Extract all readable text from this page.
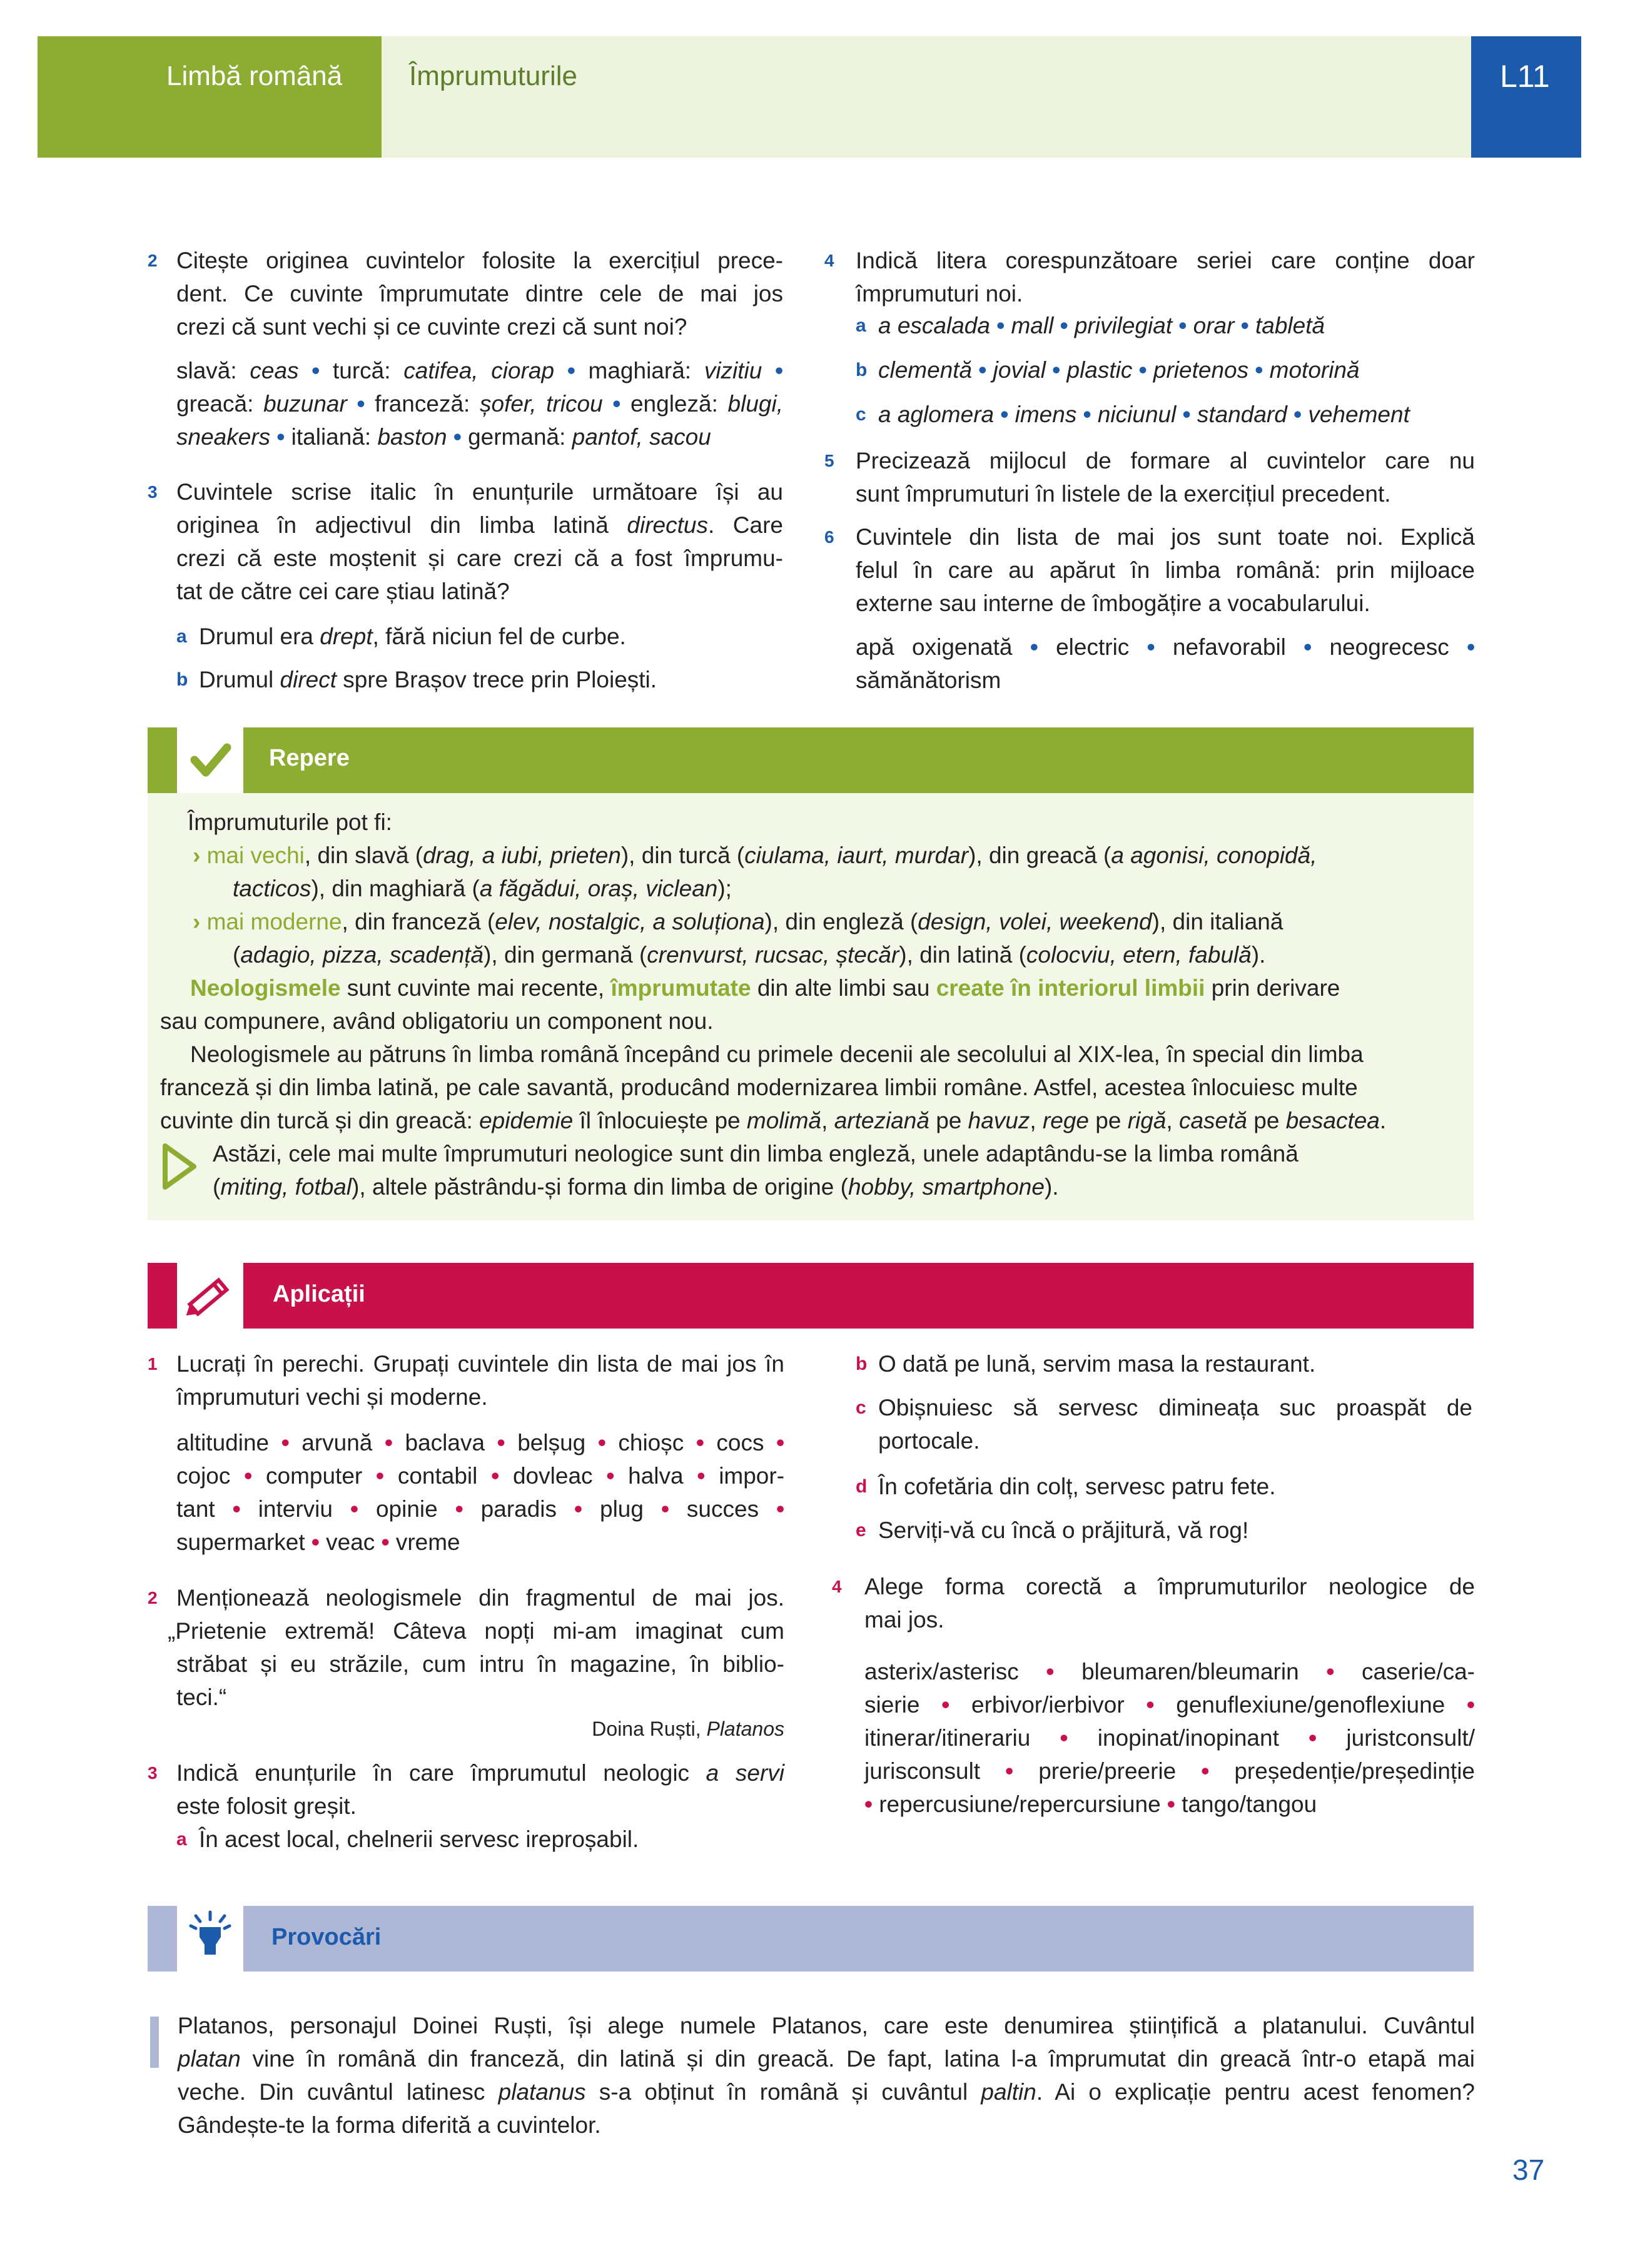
Limbă română Împrumuturile	L11
2 Citește originea cuvintelor folosite la exercițiul prece-
dent. Ce cuvinte împrumutate dintre cele de mai jos
crezi că sunt vechi și ce cuvinte crezi că sunt noi?
slavă: ceas • turcă: catifea, ciorap • maghiară: vizitiu •
greacă: buzunar • franceză: șofer, tricou • engleză: blugi,
sneakers • italiană: baston • germană: pantof, sacou
3 Cuvintele scrise italic în enunțurile următoare își au
originea în adjectivul din limba latină directus. Care
crezi că este moștenit și care crezi că a fost împrumu-
tat de către cei care știau latină?
a Drumul era drept, fără niciun fel de curbe.
b Drumul direct spre Brașov trece prin Ploiești.
4 Indică litera corespunzătoare seriei care conține doar
împrumuturi noi.
a a escalada • mall • privilegiat • orar • tabletă
b clementă • jovial • plastic • prietenos • motorină
c a aglomera • imens • niciunul • standard • vehement
5 Precizează mijlocul de formare al cuvintelor care nu
sunt împrumuturi în listele de la exercițiul precedent.
6 Cuvintele din lista de mai jos sunt toate noi. Explică
felul în care au apărut în limba română: prin mijloace
externe sau interne de îmbogățire a vocabularului.
apă oxigenată • electric • nefavorabil • neogrecesc •
sămănătorism
Repere
Împrumuturile pot fi:
› mai vechi, din slavă (drag, a iubi, prieten), din turcă (ciulama, iaurt, murdar), din greacă (a agonisi, conopidă,
tacticos), din maghiară (a făgădui, oraș, viclean);
› mai moderne, din franceză (elev, nostalgic, a soluționa), din engleză (design, volei, weekend), din italiană
(adagio, pizza, scadență), din germană (crenvurst, rucsac, ștecăr), din latină (colocviu, etern, fabulă).
Neologismele sunt cuvinte mai recente, împrumutate din alte limbi sau create în interiorul limbii prin derivare
sau compunere, având obligatoriu un component nou.
Neologismele au pătruns în limba română începând cu primele decenii ale secolului al XIX-lea, în special din limba
franceză și din limba latină, pe cale savantă, producând modernizarea limbii române. Astfel, acestea înlocuiesc multe
cuvinte din turcă și din greacă: epidemie îl înlocuiește pe molimă, arteziană pe havuz, rege pe rigă, casetă pe besactea.
Astăzi, cele mai multe împrumuturi neologice sunt din limba engleză, unele adaptându-se la limba română
(miting, fotbal), altele păstrându-și forma din limba de origine (hobby, smartphone).
Aplicații
1 Lucrați în perechi. Grupați cuvintele din lista de mai jos în
împrumuturi vechi și moderne.
altitudine • arvună • baclava • belșug • chioșc • cocs •
cojoc • computer • contabil • dovleac • halva • impor-
tant • interviu • opinie • paradis • plug • succes •
supermarket • veac • vreme
2 Menționează neologismele din fragmentul de mai jos.
„Prietenie extremă! Câteva nopți mi-am imaginat cum
străbat și eu străzile, cum intru în magazine, în biblio-
teci.“
Doina Ruști, Platanos
3 Indică enunțurile în care împrumutul neologic a servi
este folosit greșit.
a În acest local, chelnerii servesc ireproșabil.
b O dată pe lună, servim masa la restaurant.
c Obișnuiesc să servesc dimineața suc proaspăt de
portocale.
d În cofetăria din colț, servesc patru fete.
e Serviți-vă cu încă o prăjitură, vă rog!
4 Alege forma corectă a împrumuturilor neologice de
mai jos.
asterix/asterisc • bleumaren/bleumarin • caserie/ca-
sierie • erbivor/ierbivor • genuflexiune/genoflexiune •
itinerar/itinerariu • inopinat/inopinant • juristconsult/
jurisconsult • prerie/preerie • președenție/președinție
• repercusiune/repercursiune • tango/tangou
Provocări
Platanos, personajul Doinei Ruști, își alege numele Platanos, care este denumirea științifică a platanului. Cuvântul
platan vine în română din franceză, din latină și din greacă. De fapt, latina l-a împrumutat din greacă într-o etapă mai
veche. Din cuvântul latinesc platanus s-a obținut în română și cuvântul paltin. Ai o explicație pentru acest fenomen?
Gândește-te la forma diferită a cuvintelor.
37
